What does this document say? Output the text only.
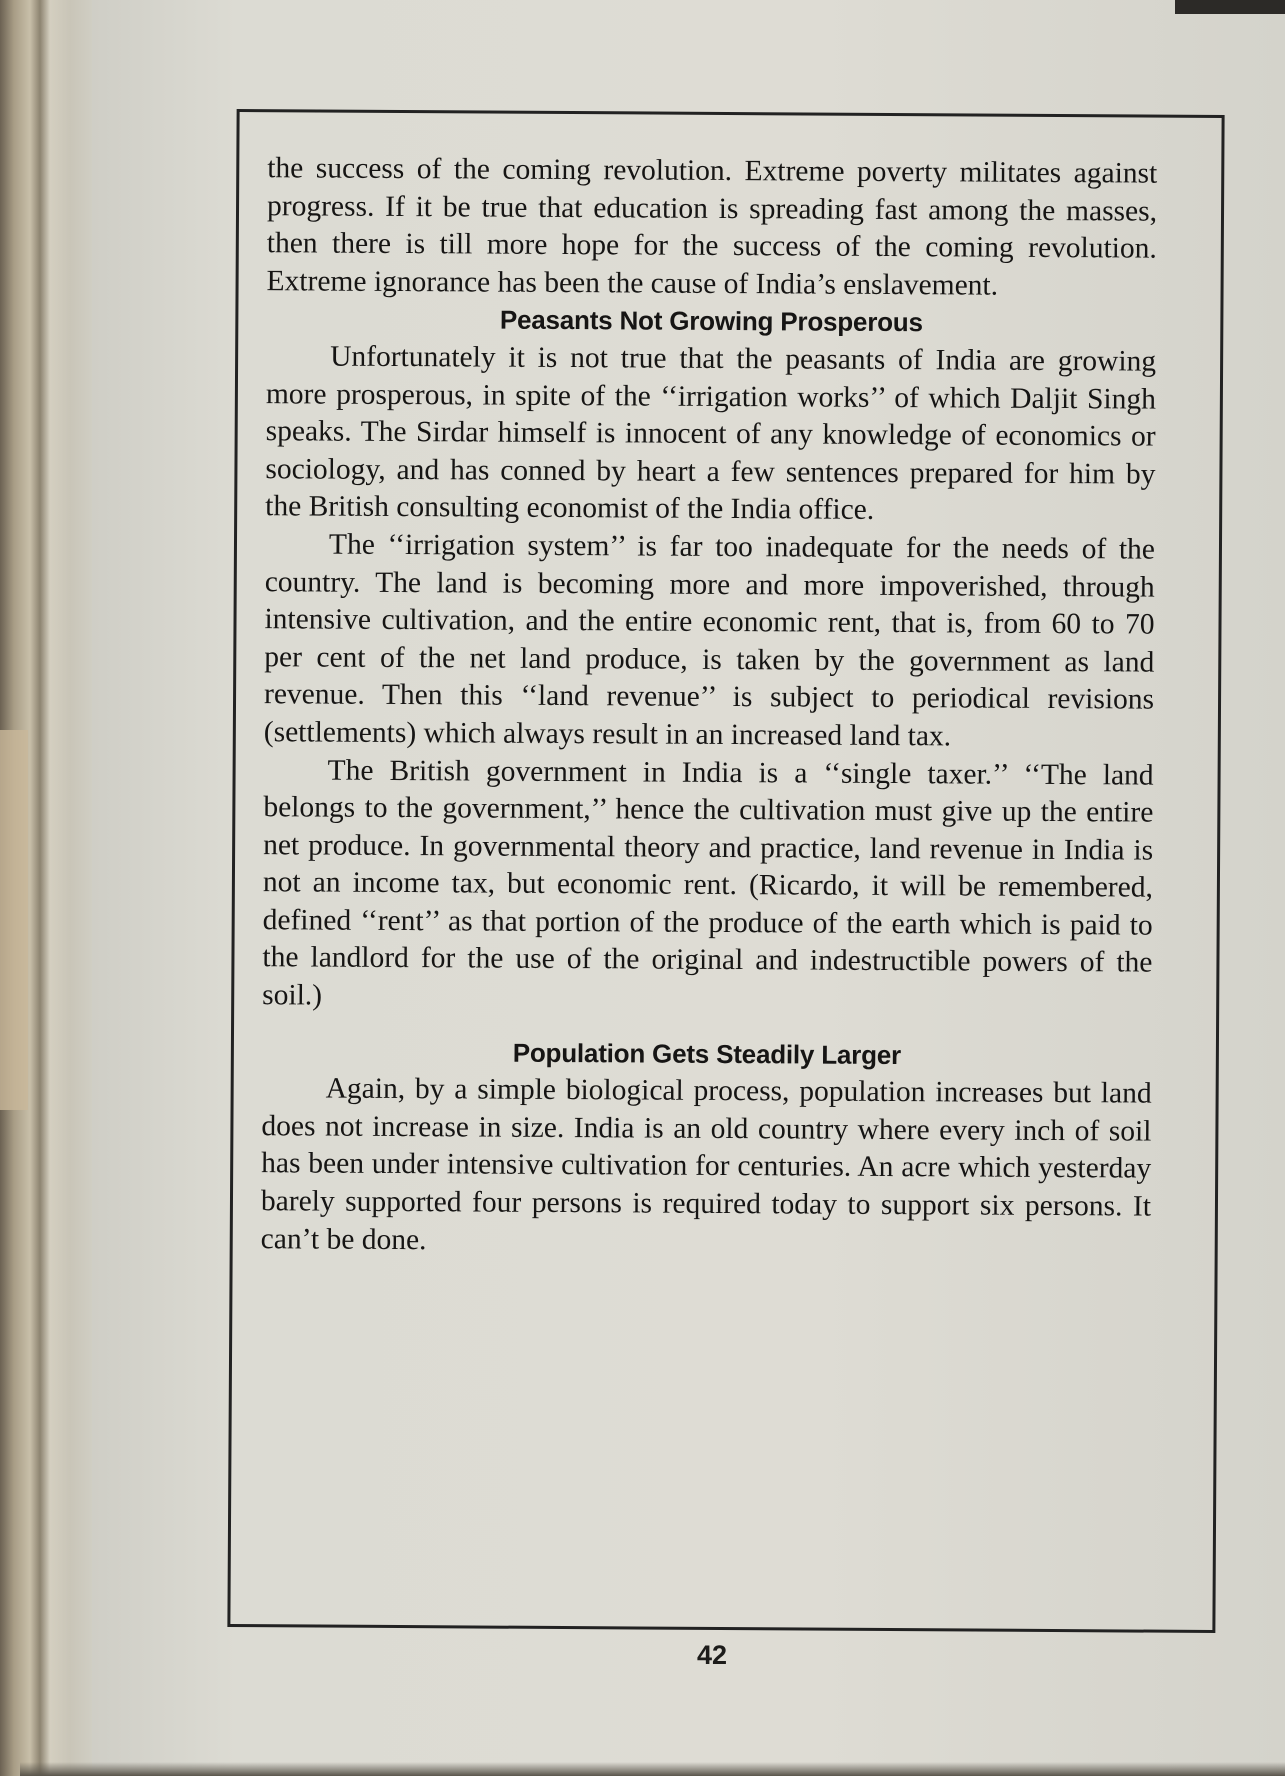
the success of the coming revolution. Extreme poverty militates against progress. If it be true that education is spreading fast among the masses, then there is till more hope for the success of the coming revolution. Extreme ignorance has been the cause of India’s enslavement.

Peasants Not Growing Prosperous

Unfortunately it is not true that the peasants of India are growing more prosperous, in spite of the ‘‘irrigation works’’ of which Daljit Singh speaks. The Sirdar himself is innocent of any knowledge of economics or sociology, and has conned by heart a few sentences prepared for him by the British consulting economist of the India office.

The ‘‘irrigation system’’ is far too inadequate for the needs of the country. The land is becoming more and more impoverished, through intensive cultivation, and the entire economic rent, that is, from 60 to 70 per cent of the net land produce, is taken by the government as land revenue. Then this ‘‘land revenue’’ is subject to periodical revisions (settlements) which always result in an increased land tax.

The British government in India is a ‘‘single taxer.’’ ‘‘The land belongs to the government,’’ hence the cultivation must give up the entire net produce. In governmental theory and practice, land revenue in India is not an income tax, but economic rent. (Ricardo, it will be remembered, defined ‘‘rent’’ as that portion of the produce of the earth which is paid to the landlord for the use of the original and indestructible powers of the soil.)

Population Gets Steadily Larger

Again, by a simple biological process, population increases but land does not increase in size. India is an old country where every inch of soil has been under intensive cultivation for centuries. An acre which yesterday barely supported four persons is required today to support six persons. It can’t be done.

42
